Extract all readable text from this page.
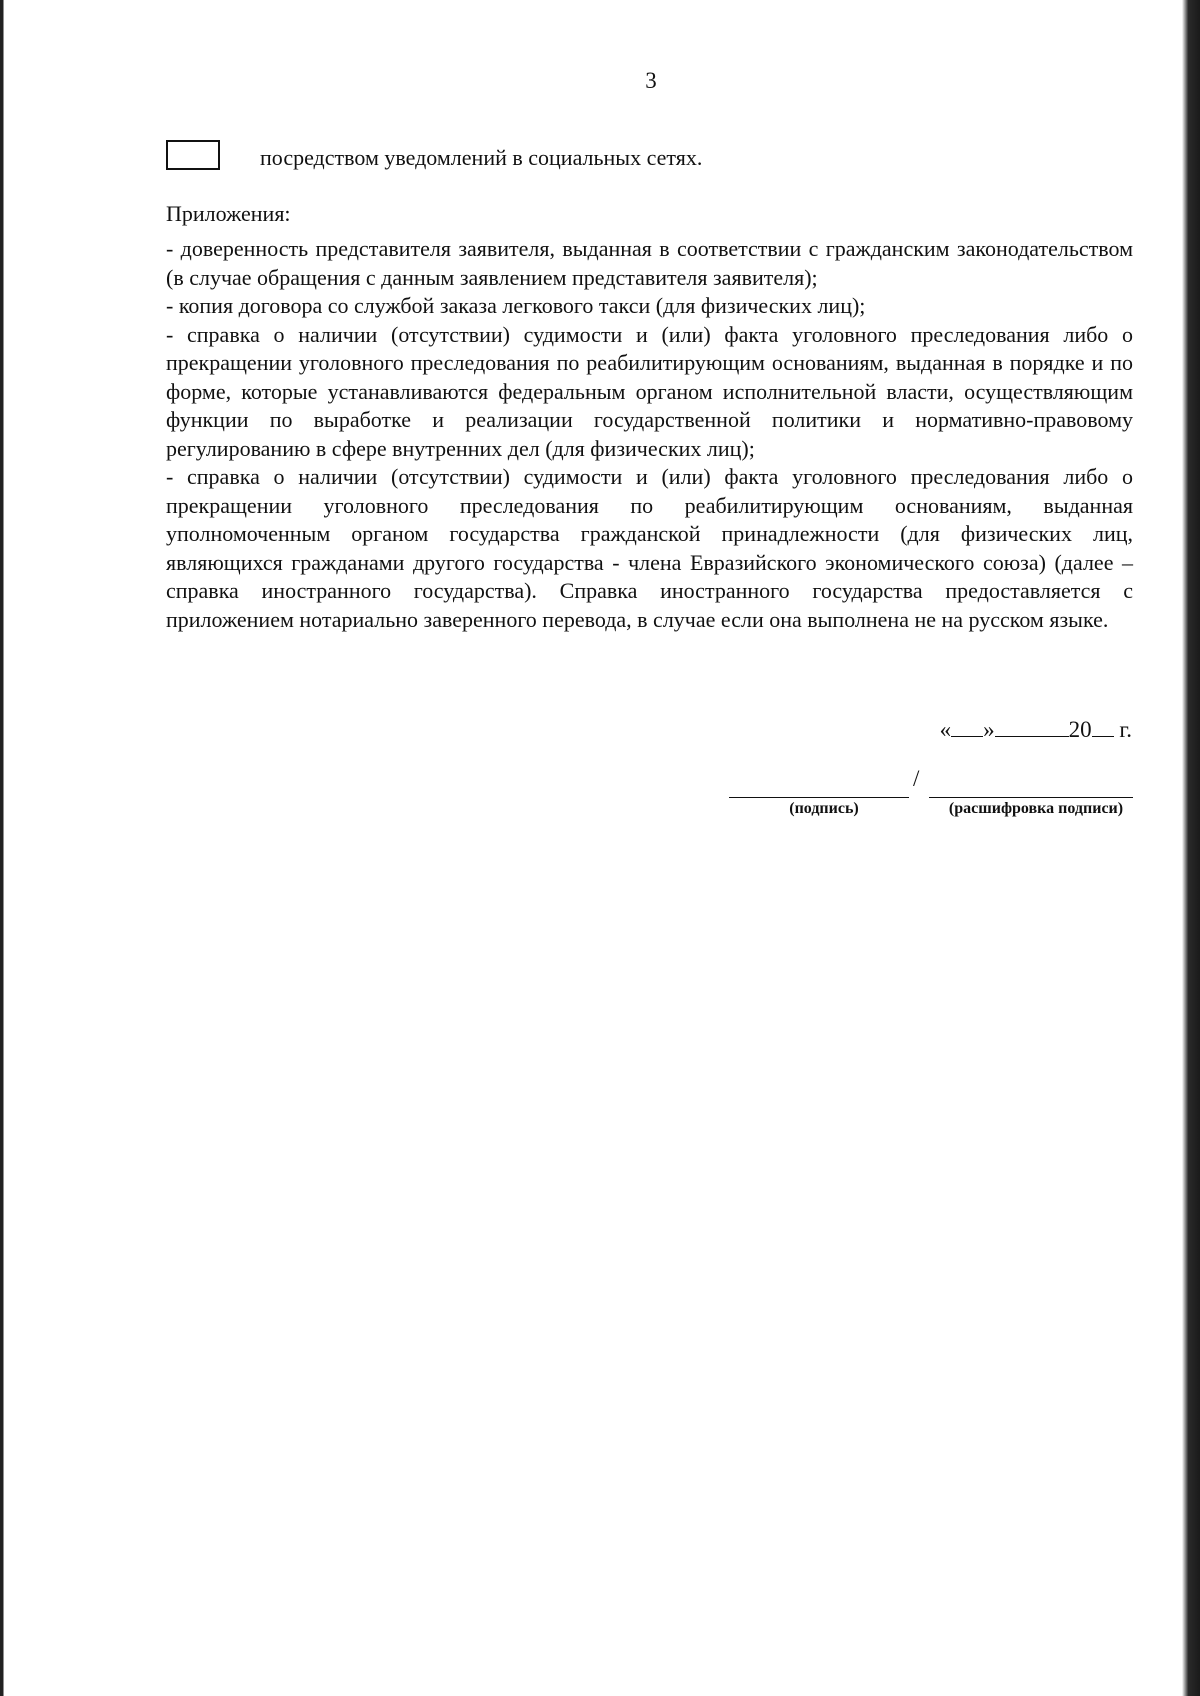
3
посредством уведомлений в социальных сетях.
Приложения:
- доверенность представителя заявителя, выданная в соответствии с гражданским законодательством (в случае обращения с данным заявлением представителя заявителя);
- копия договора со службой заказа легкового такси (для физических лиц);
- справка о наличии (отсутствии) судимости и (или) факта уголовного преследования либо о прекращении уголовного преследования по реабилитирующим основаниям, выданная в порядке и по форме, которые устанавливаются федеральным органом исполнительной власти, осуществляющим функции по выработке и реализации государственной политики и нормативно-правовому регулированию в сфере внутренних дел (для физических лиц);
- справка о наличии (отсутствии) судимости и (или) факта уголовного преследования либо о прекращении уголовного преследования по реабилитирующим основаниям, выданная уполномоченным органом государства гражданской принадлежности (для физических лиц, являющихся гражданами другого государства - члена Евразийского экономического союза) (далее – справка иностранного государства). Справка иностранного государства предоставляется с приложением нотариально заверенного перевода, в случае если она выполнена не на русском языке.
« »	20 г.
/
(подпись)	(расшифровка подписи)
